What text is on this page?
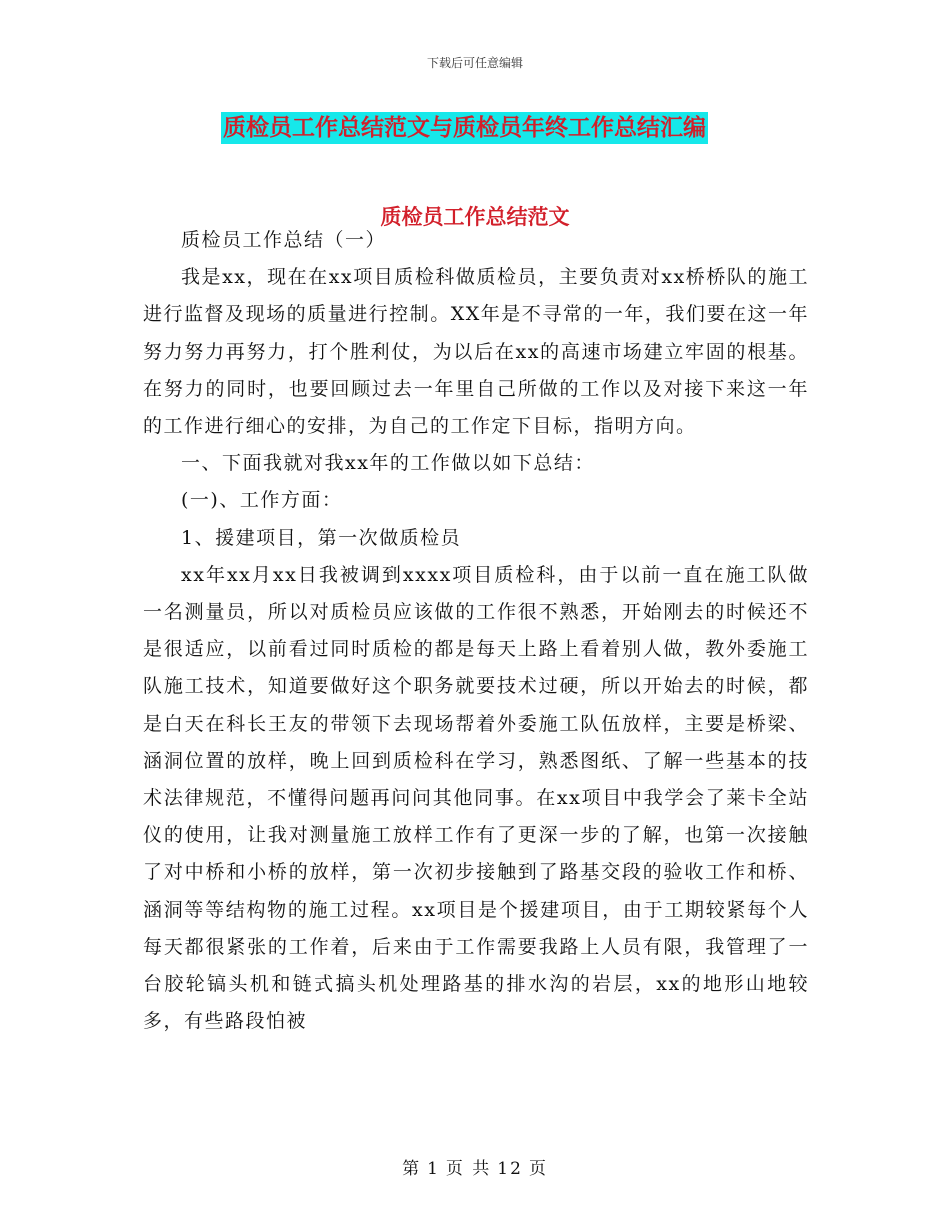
下载后可任意编辑
质检员工作总结范文与质检员年终工作总结汇编
质检员工作总结范文

质检员工作总结（一）

我是xx，现在在xx项目质检科做质检员，主要负责对xx桥桥队的施工进行监督及现场的质量进行控制。XX年是不寻常的一年，我们要在这一年努力努力再努力，打个胜利仗，为以后在xx的高速市场建立牢固的根基。在努力的同时，也要回顾过去一年里自己所做的工作以及对接下来这一年的工作进行细心的安排，为自己的工作定下目标，指明方向。

一、下面我就对我xx年的工作做以如下总结：

(一)、工作方面：

1、援建项目，第一次做质检员

xx年xx月xx日我被调到xxxx项目质检科，由于以前一直在施工队做一名测量员，所以对质检员应该做的工作很不熟悉，开始刚去的时候还不是很适应，以前看过同时质检的都是每天上路上看着别人做，教外委施工队施工技术，知道要做好这个职务就要技术过硬，所以开始去的时候，都是白天在科长王友的带领下去现场帮着外委施工队伍放样，主要是桥梁、涵洞位置的放样，晚上回到质检科在学习，熟悉图纸、了解一些基本的技术法律规范，不懂得问题再问问其他同事。在xx项目中我学会了莱卡全站仪的使用，让我对测量施工放样工作有了更深一步的了解，也第一次接触了对中桥和小桥的放样，第一次初步接触到了路基交段的验收工作和桥、涵洞等等结构物的施工过程。xx项目是个援建项目，由于工期较紧每个人每天都很紧张的工作着，后来由于工作需要我路上人员有限，我管理了一台胶轮镐头机和链式搞头机处理路基的排水沟的岩层，xx的地形山地较多，有些路段怕被

第 1 页 共 12 页
